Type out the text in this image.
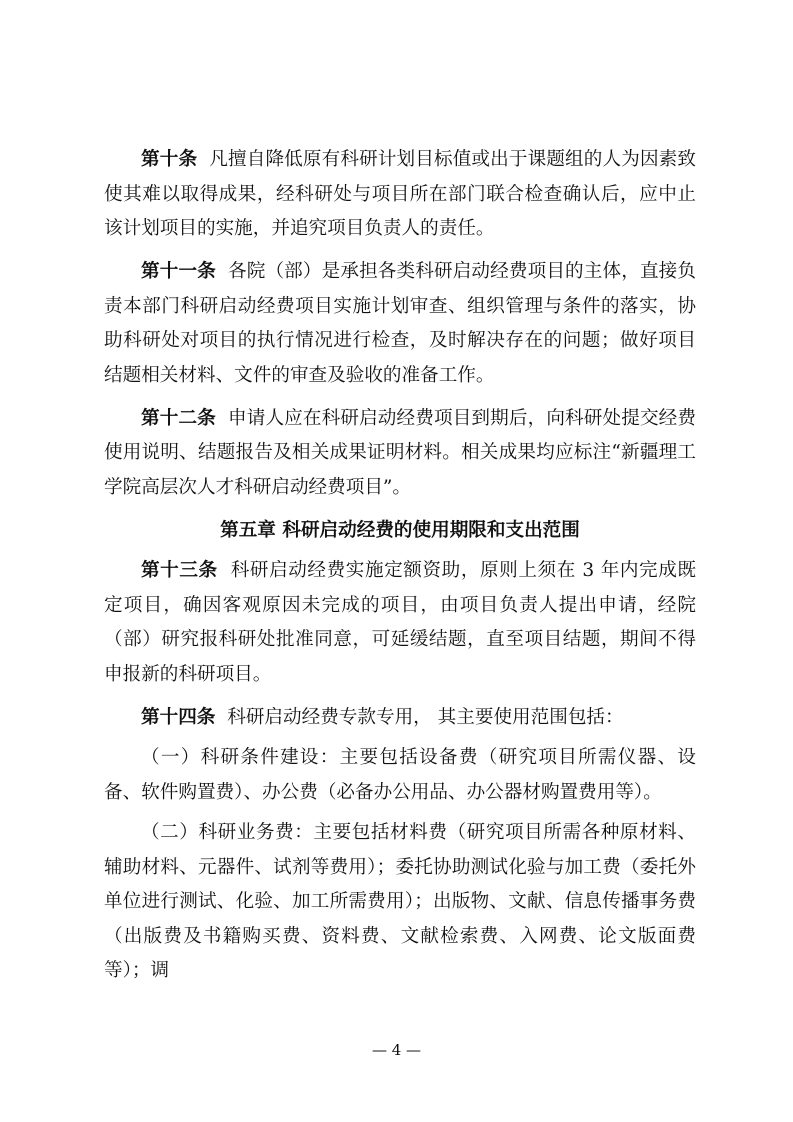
第十条 凡擅自降低原有科研计划目标值或出于课题组的人为因素致使其难以取得成果，经科研处与项目所在部门联合检查确认后，应中止该计划项目的实施，并追究项目负责人的责任。

第十一条 各院（部）是承担各类科研启动经费项目的主体，直接负责本部门科研启动经费项目实施计划审查、组织管理与条件的落实，协助科研处对项目的执行情况进行检查，及时解决存在的问题；做好项目结题相关材料、文件的审查及验收的准备工作。

第十二条 申请人应在科研启动经费项目到期后，向科研处提交经费使用说明、结题报告及相关成果证明材料。相关成果均应标注“新疆理工学院高层次人才科研启动经费项目”。

第五章 科研启动经费的使用期限和支出范围

第十三条 科研启动经费实施定额资助，原则上须在 3 年内完成既定项目，确因客观原因未完成的项目，由项目负责人提出申请，经院（部）研究报科研处批准同意，可延缓结题，直至项目结题，期间不得申报新的科研项目。

第十四条 科研启动经费专款专用， 其主要使用范围包括：

（一）科研条件建设：主要包括设备费（研究项目所需仪器、设备、软件购置费）、办公费（必备办公用品、办公器材购置费用等）。

（二）科研业务费：主要包括材料费（研究项目所需各种原材料、辅助材料、元器件、试剂等费用）；委托协助测试化验与加工费（委托外单位进行测试、化验、加工所需费用）；出版物、文献、信息传播事务费（出版费及书籍购买费、资料费、文献检索费、入网费、论文版面费等）；调

— 4 —
